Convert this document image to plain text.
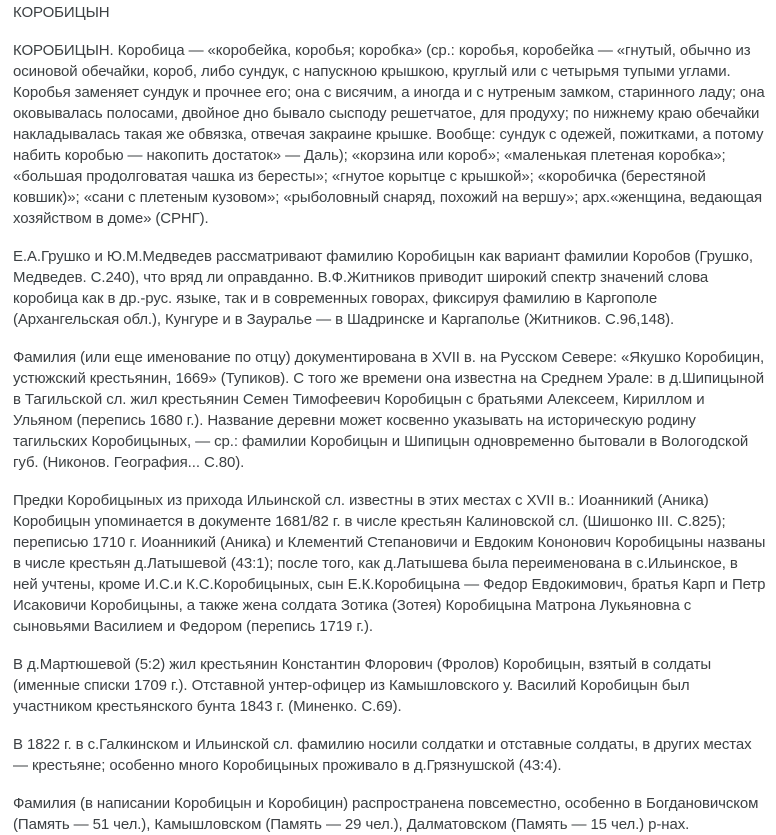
КОРОБИЦЫН

КОРОБИЦЫН. Коробица — «коробейка, коробья; коробка» (ср.: коробья, коробейка — «гнутый, обычно из осиновой обечайки, короб, либо сундук, с напускною крышкою, круглый или с четырьмя тупыми углами. Коробья заменяет сундук и прочнее его; она с висячим, а иногда и с нутреным замком, старинного ладу; она оковывалась полосами, двойное дно бывало сысподу решетчатое, для продуху; по нижнему краю обечайки накладывалась такая же обвязка, отвечая закраине крышке. Вообще: сундук с одежей, пожитками, а потому набить коробью — накопить достаток» — Даль); «корзина или короб»; «маленькая плетеная коробка»; «большая продолговатая чашка из бересты»; «гнутое корытце с крышкой»; «коробичка (берестяной ковшик)»; «сани с плетеным кузовом»; «рыболовный снаряд, похожий на вершу»; арх.«женщина, ведающая хозяйством в доме» (СРНГ).

Е.А.Грушко и Ю.М.Медведев рассматривают фамилию Коробицын как вариант фамилии Коробов (Грушко, Медведев. С.240), что вряд ли оправданно. В.Ф.Житников приводит широкий спектр значений слова коробица как в др.-рус. языке, так и в современных говорах, фиксируя фамилию в Каргополе (Архангельская обл.), Кунгуре и в Зауралье — в Шадринске и Каргаполье (Житников. С.96,148).

Фамилия (или еще именование по отцу) документирована в XVII в. на Русском Севере: «Якушко Коробицин, устюжский крестьянин, 1669» (Тупиков). С того же времени она известна на Среднем Урале: в д.Шипицыной в Тагильской сл. жил крестьянин Семен Тимофеевич Коробицын с братьями Алексеем, Кириллом и Ульяном (перепись 1680 г.). Название деревни может косвенно указывать на историческую родину тагильских Коробицыных, — ср.: фамилии Коробицын и Шипицын одновременно бытовали в Вологодской губ. (Никонов. География... С.80).

Предки Коробицыных из прихода Ильинской сл. известны в этих местах с XVII в.: Иоанникий (Аника) Коробицын упоминается в документе 1681/82 г. в числе крестьян Калиновской сл. (Шишонко III. С.825); переписью 1710 г. Иоанникий (Аника) и Клементий Степановичи и Евдоким Кононович Коробицыны названы в числе крестьян д.Латышевой (43:1); после того, как д.Латышева была переименована в с.Ильинское, в ней учтены, кроме И.С.и К.С.Коробицыных, сын Е.К.Коробицына — Федор Евдокимович, братья Карп и Петр Исаковичи Коробицыны, а также жена солдата Зотика (Зотея) Коробицына Матрона Лукьяновна с сыновьями Василием и Федором (перепись 1719 г.).

В д.Мартюшевой (5:2) жил крестьянин Константин Флорович (Фролов) Коробицын, взятый в солдаты (именные списки 1709 г.). Отставной унтер-офицер из Камышловского у. Василий Коробицын был участником крестьянского бунта 1843 г. (Миненко. С.69).

В 1822 г. в с.Галкинском и Ильинской сл. фамилию носили солдатки и отставные солдаты, в других местах — крестьяне; особенно много Коробицыных проживало в д.Грязнушской (43:4).

Фамилия (в написании Коробицын и Коробицин) распространена повсеместно, особенно в Богдановичском (Память — 51 чел.), Камышловском (Память — 29 чел.), Далматовском (Память — 15 чел.) р-нах.
